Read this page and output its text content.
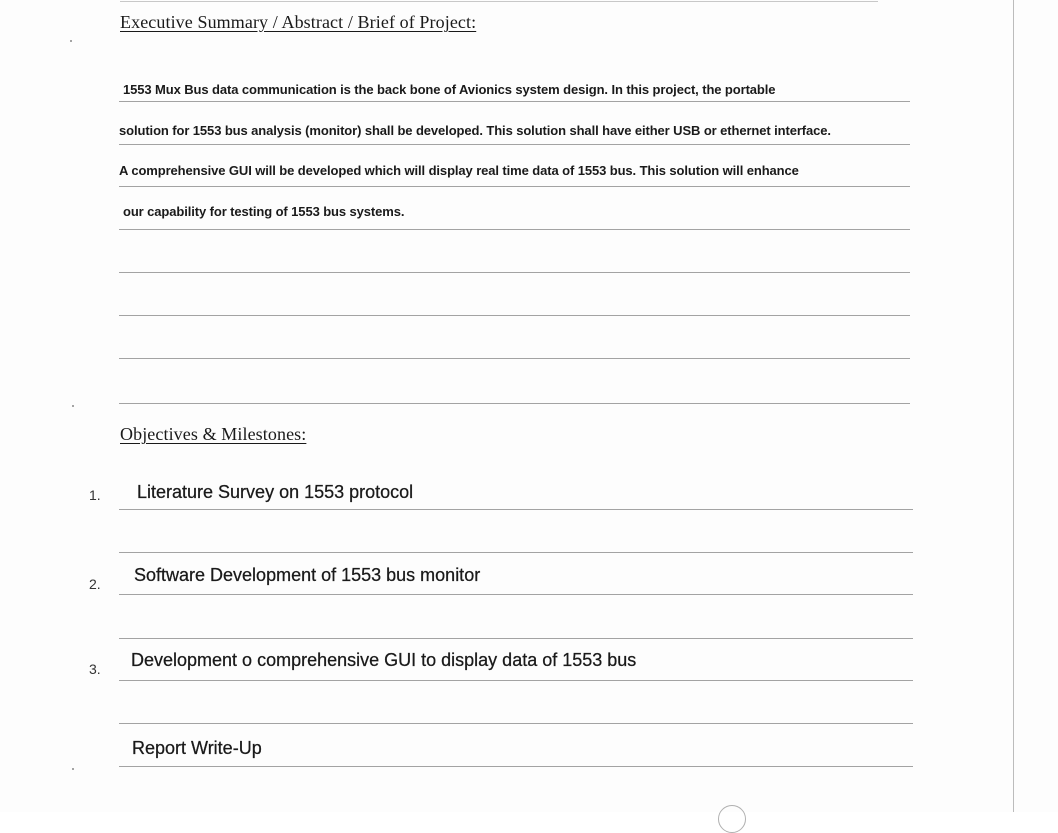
Executive Summary / Abstract / Brief of Project:
1553 Mux Bus data communication is the back bone of Avionics system design. In this project, the portable
solution for 1553 bus analysis (monitor) shall be developed. This solution shall have either USB or ethernet interface.
A comprehensive GUI will be developed which will display real time data of 1553 bus. This solution will enhance
our capability for testing of 1553 bus systems.
Objectives & Milestones:
1. Literature Survey on 1553 protocol
2. Software Development of 1553 bus monitor
3. Development o comprehensive GUI to display data of 1553 bus
Report Write-Up
